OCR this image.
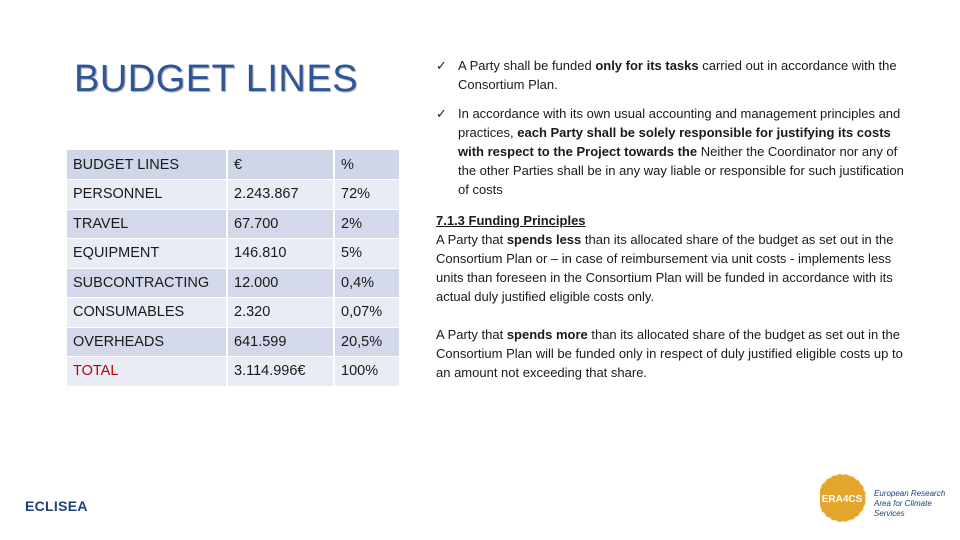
BUDGET LINES
BUDGET LINES	€	%
PERSONNEL	2.243.867	72%
TRAVEL	67.700	2%
EQUIPMENT	146.810	5%
SUBCONTRACTING	12.000	0,4%
CONSUMABLES	2.320	0,07%
OVERHEADS	641.599	20,5%
TOTAL	3.114.996€	100%
✓ A Party shall be funded only for its tasks carried out in accordance with the Consortium Plan.
✓ In accordance with its own usual accounting and management principles and practices, each Party shall be solely responsible for justifying its costs with respect to the Project towards the Neither the Coordinator nor any of the other Parties shall be in any way liable or responsible for such justification of costs
7.1.3 Funding Principles
A Party that spends less than its allocated share of the budget as set out in the Consortium Plan or – in case of reimbursement via unit costs - implements less units than foreseen in the Consortium Plan will be funded in accordance with its actual duly justified eligible costs only.
A Party that spends more than its allocated share of the budget as set out in the Consortium Plan will be funded only in respect of duly justified eligible costs up to an amount not exceeding that share.
ECLISEA	ERA4CS
European Research Area for Climate Services
